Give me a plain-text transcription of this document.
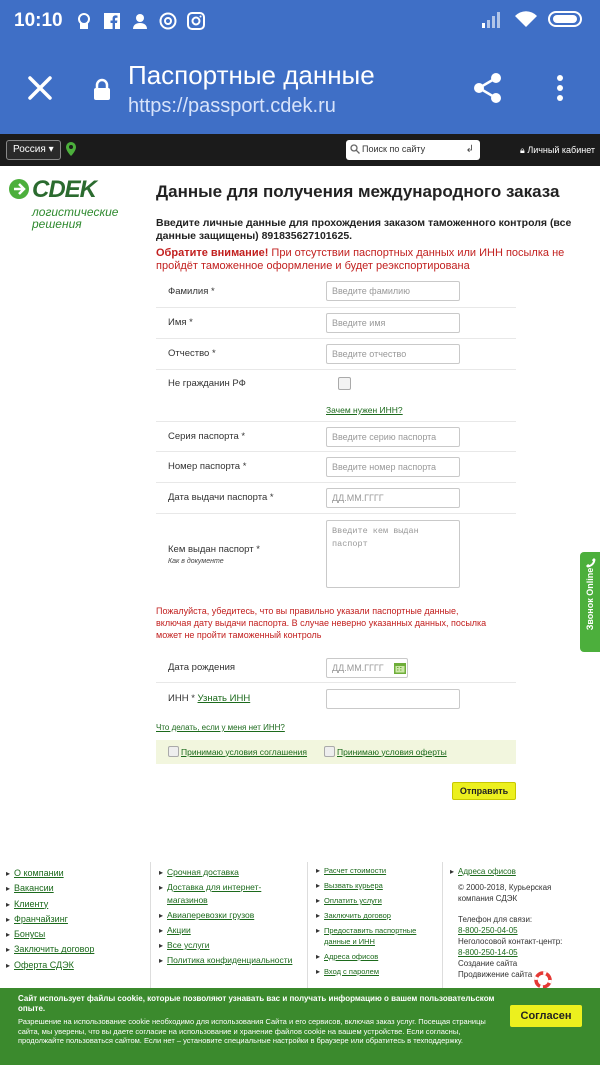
10:10
Паспортные данные
https://passport.cdek.ru
Россия ▾	Поиск по сайту	↲	🔒︎ Личный кабинет
CDEK
логистические решения
Данные для получения международного заказа
Введите личные данные для прохождения заказом таможенного контроля (все данные защищены) 891835627101625.
Обратите внимание! При отсутствии паспортных данных или ИНН посылка не пройдёт таможенное оформление и будет реэкспортирована
Фамилия *	Введите фамилию
Имя *	Введите имя
Отчество *	Введите отчество
Не гражданин РФ
Зачем нужен ИНН?
Серия паспорта *	Введите серию паспорта
Номер паспорта *	Введите номер паспорта
Дата выдачи паспорта *	ДД.ММ.ГГГГ
Кем выдан паспорт *
Как в документе
Введите кем выдан паспорт
Пожалуйста, убедитесь, что вы правильно указали паспортные данные, включая дату выдачи паспорта. В случае неверно указанных данных, посылка может не пройти таможенный контроль
Дата рождения	ДД.ММ.ГГГГ
ИНН * Узнать ИНН
Что делать, если у меня нет ИНН?
Принимаю условия соглашения	Принимаю условия оферты
Отправить
Звонок Online
▸ О компании
▸ Вакансии
▸ Клиенту
▸ Франчайзинг
▸ Бонусы
▸ Заключить договор
▸ Оферта СДЭК
▸ Срочная доставка
▸ Доставка для интернет-магазинов
▸ Авиаперевозки грузов
▸ Акции
▸ Все услуги
▸ Политика конфиденциальности
▸ Расчет стоимости
▸ Вызвать курьера
▸ Оплатить услуги
▸ Заключить договор
▸ Предоставить паспортные данные и ИНН
▸ Адреса офисов
▸ Вход с паролем
▸ Адреса офисов
© 2000-2018, Курьерская компания СДЭК
Телефон для связи:
8-800-250-04-05
Неголосовой контакт-центр:
8-800-250-14-05
Создание сайта
Продвижение сайта
Сайт использует файлы cookie, которые позволяют узнавать вас и получать информацию о вашем пользовательском опыте.
Разрешение на использование cookie необходимо для использования Сайта и его сервисов, включая заказ услуг. Посещая страницы сайта, мы уверены, что вы даете согласие на использование и хранение файлов cookie на вашем устройстве. Если согласны, продолжайте пользоваться сайтом. Если нет – установите специальные настройки в браузере или обратитесь в техподдержку.
Согласен
